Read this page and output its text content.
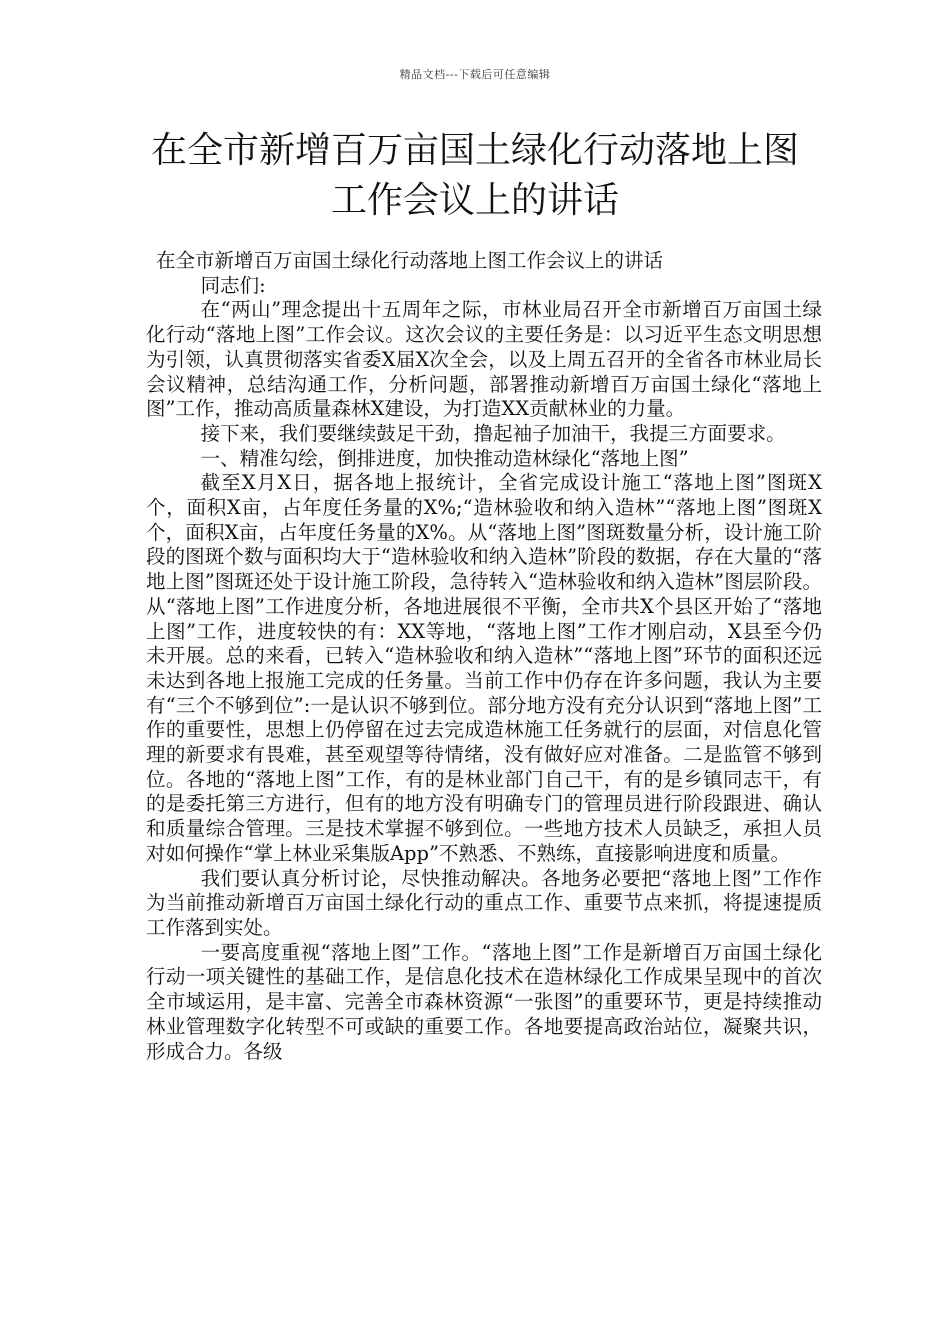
精品文档---下载后可任意编辑
在全市新增百万亩国土绿化行动落地上图
工作会议上的讲话

在全市新增百万亩国土绿化行动落地上图工作会议上的讲话

同志们:

在“两山”理念提出十五周年之际，市林业局召开全市新增百万亩国土绿化行动“落地上图”工作会议。这次会议的主要任务是：以习近平生态文明思想为引领，认真贯彻落实省委X届X次全会，以及上周五召开的全省各市林业局长会议精神，总结沟通工作，分析问题，部署推动新增百万亩国土绿化“落地上图”工作，推动高质量森林X建设，为打造XX贡献林业的力量。

接下来，我们要继续鼓足干劲，撸起袖子加油干，我提三方面要求。

一、精准勾绘，倒排进度，加快推动造林绿化“落地上图”

截至X月X日，据各地上报统计，全省完成设计施工“落地上图”图斑X个，面积X亩，占年度任务量的X%;“造林验收和纳入造林”“落地上图”图斑X个，面积X亩，占年度任务量的X%。从“落地上图”图斑数量分析，设计施工阶段的图斑个数与面积均大于“造林验收和纳入造林”阶段的数据，存在大量的“落地上图”图斑还处于设计施工阶段，急待转入“造林验收和纳入造林”图层阶段。从“落地上图”工作进度分析，各地进展很不平衡，全市共X个县区开始了“落地上图”工作，进度较快的有：XX等地，“落地上图”工作才刚启动，X县至今仍未开展。总的来看，已转入“造林验收和纳入造林”“落地上图”环节的面积还远未达到各地上报施工完成的任务量。当前工作中仍存在许多问题，我认为主要有“三个不够到位”:一是认识不够到位。部分地方没有充分认识到“落地上图”工作的重要性，思想上仍停留在过去完成造林施工任务就行的层面，对信息化管理的新要求有畏难，甚至观望等待情绪，没有做好应对准备。二是监管不够到位。各地的“落地上图”工作，有的是林业部门自己干，有的是乡镇同志干，有的是委托第三方进行，但有的地方没有明确专门的管理员进行阶段跟进、确认和质量综合管理。三是技术掌握不够到位。一些地方技术人员缺乏，承担人员对如何操作“掌上林业采集版App”不熟悉、不熟练，直接影响进度和质量。

我们要认真分析讨论，尽快推动解决。各地务必要把“落地上图”工作作为当前推动新增百万亩国土绿化行动的重点工作、重要节点来抓，将提速提质工作落到实处。

一要高度重视“落地上图”工作。“落地上图”工作是新增百万亩国土绿化行动一项关键性的基础工作，是信息化技术在造林绿化工作成果呈现中的首次全市域运用，是丰富、完善全市森林资源“一张图”的重要环节，更是持续推动林业管理数字化转型不可或缺的重要工作。各地要提高政治站位，凝聚共识，形成合力。各级
